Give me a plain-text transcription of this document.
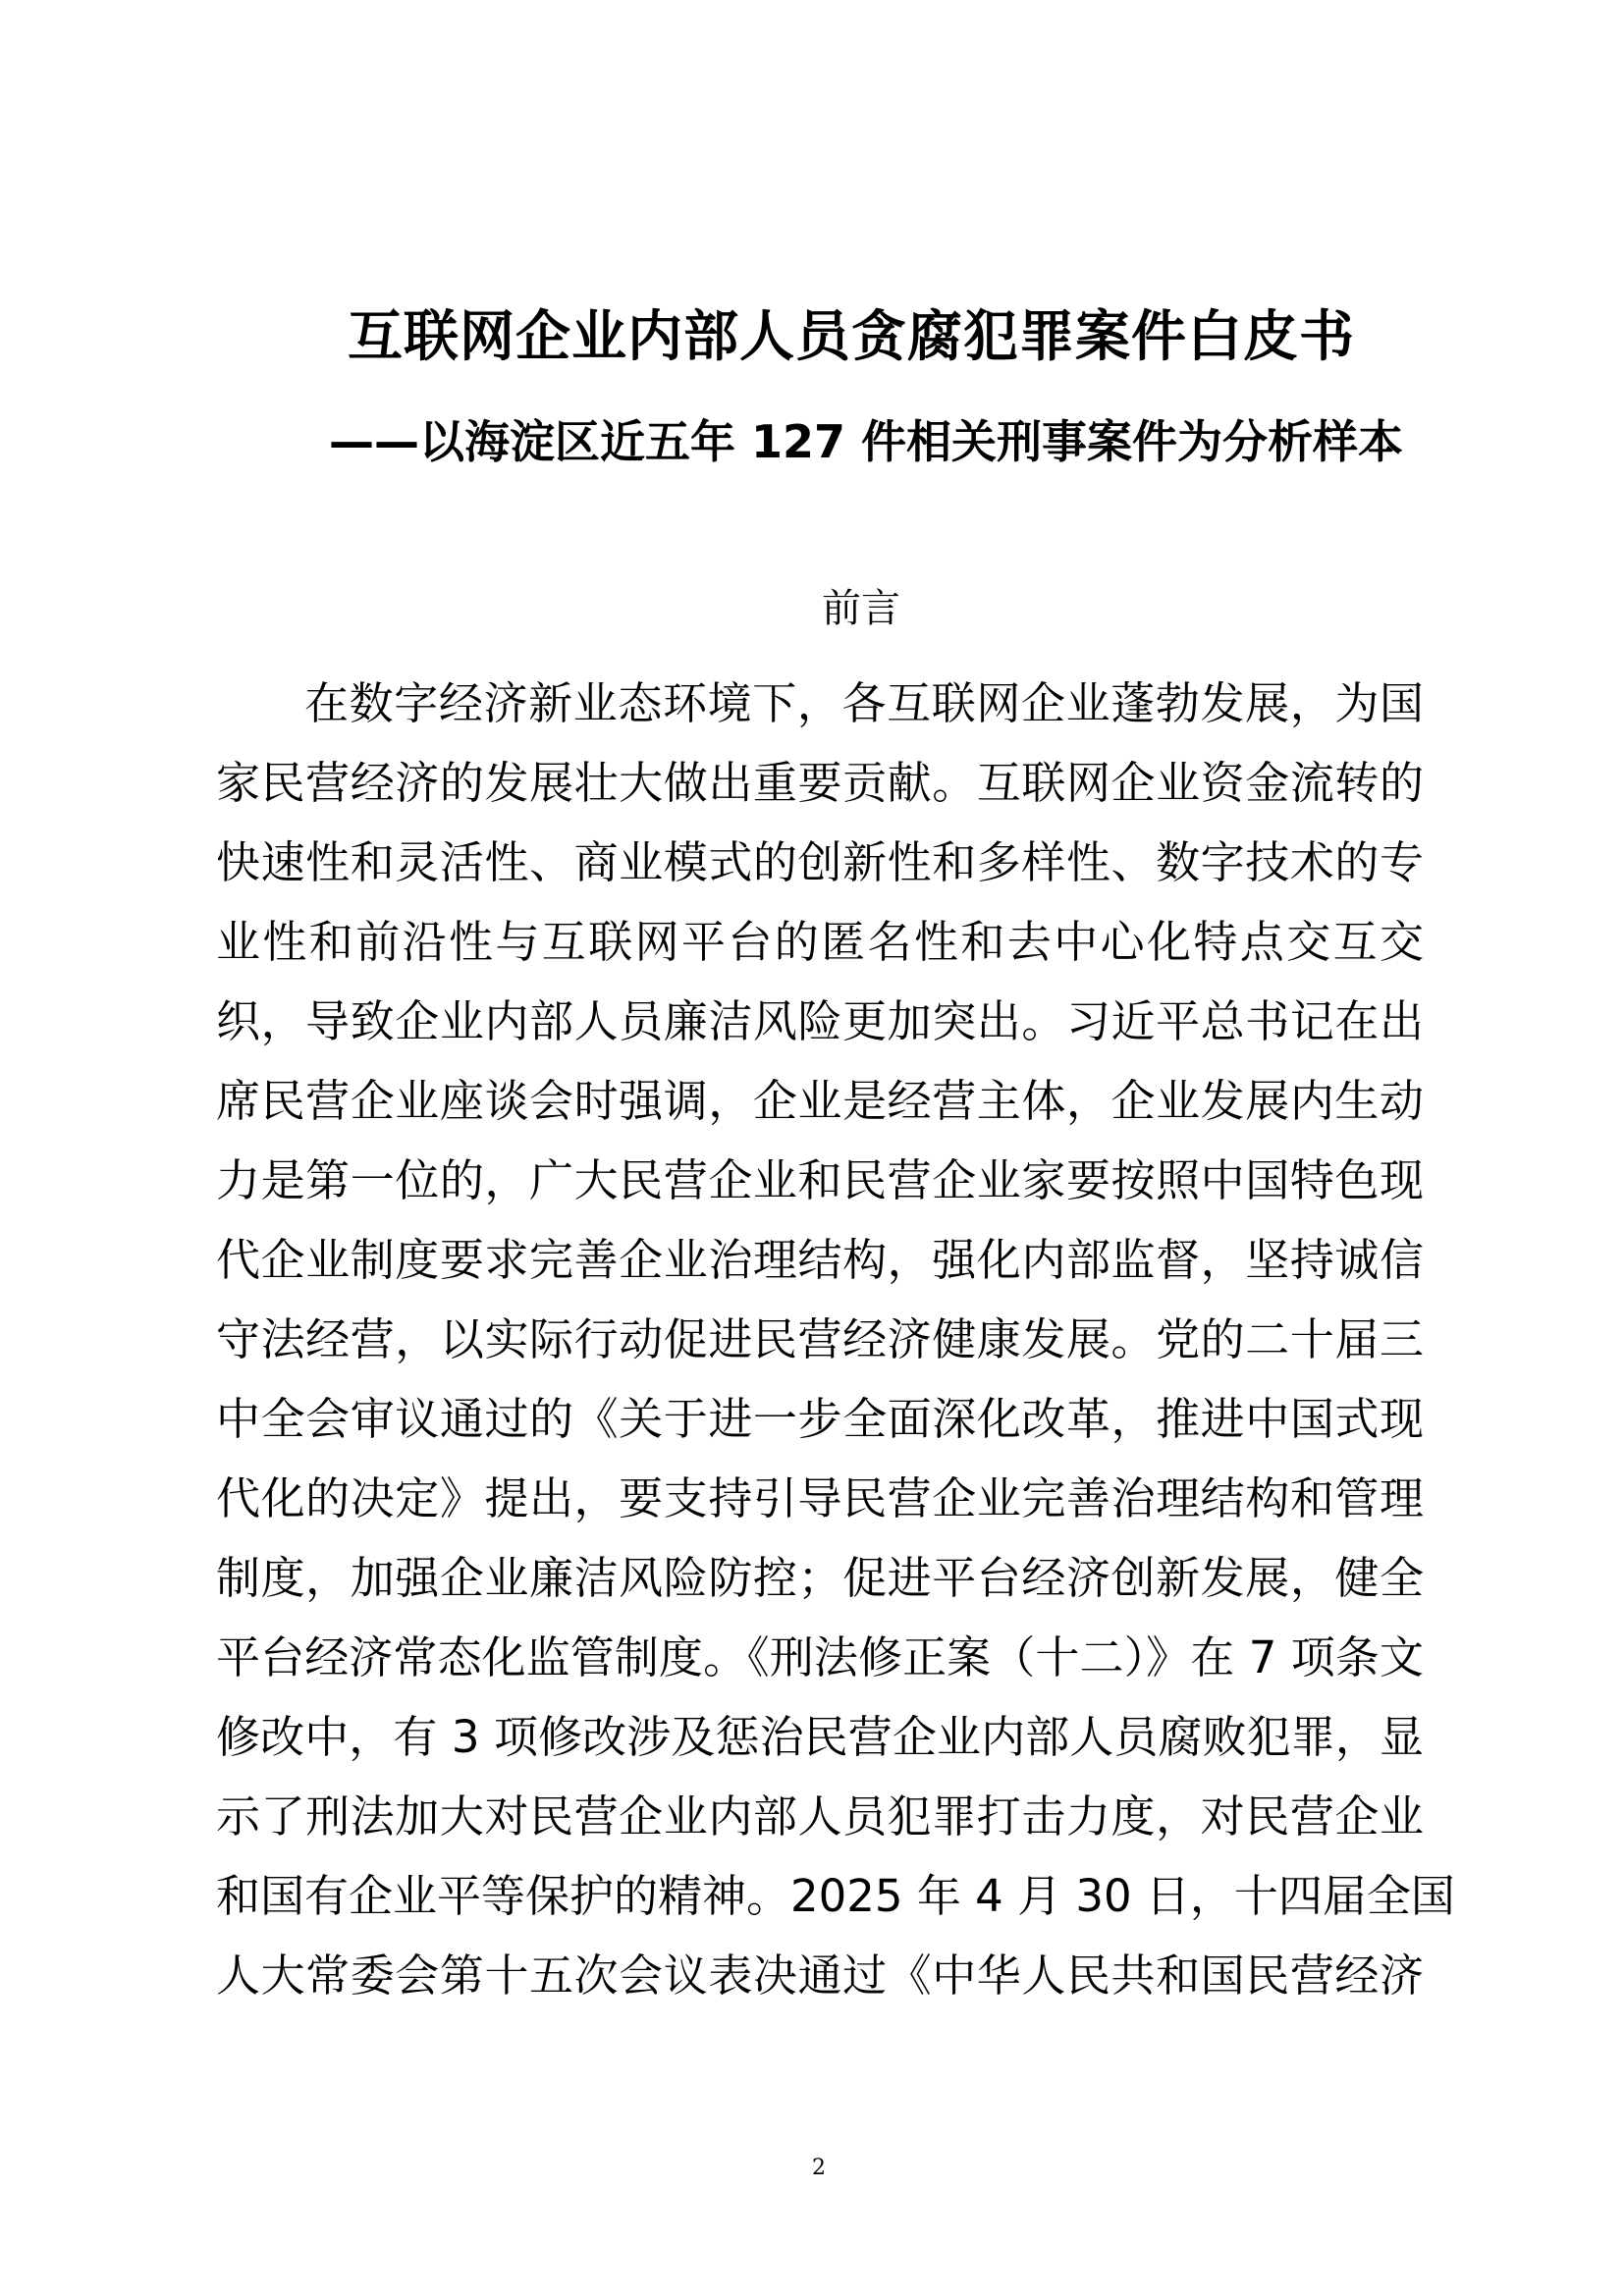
互联网企业内部人员贪腐犯罪案件白皮书
——以海淀区近五年 127 件相关刑事案件为分析样本
前言
在数字经济新业态环境下，各互联网企业蓬勃发展，为国
家民营经济的发展壮大做出重要贡献。互联网企业资金流转的
快速性和灵活性、商业模式的创新性和多样性、数字技术的专
业性和前沿性与互联网平台的匿名性和去中心化特点交互交
织，导致企业内部人员廉洁风险更加突出。习近平总书记在出
席民营企业座谈会时强调，企业是经营主体，企业发展内生动
力是第一位的，广大民营企业和民营企业家要按照中国特色现
代企业制度要求完善企业治理结构，强化内部监督，坚持诚信
守法经营，以实际行动促进民营经济健康发展。党的二十届三
中全会审议通过的《关于进一步全面深化改革，推进中国式现
代化的决定》提出，要支持引导民营企业完善治理结构和管理
制度，加强企业廉洁风险防控；促进平台经济创新发展，健全
平台经济常态化监管制度。《刑法修正案（十二）》在 7 项条文
修改中，有 3 项修改涉及惩治民营企业内部人员腐败犯罪，显
示了刑法加大对民营企业内部人员犯罪打击力度，对民营企业
和国有企业平等保护的精神。2025 年 4 月 30 日，十四届全国
人大常委会第十五次会议表决通过《中华人民共和国民营经济
2
